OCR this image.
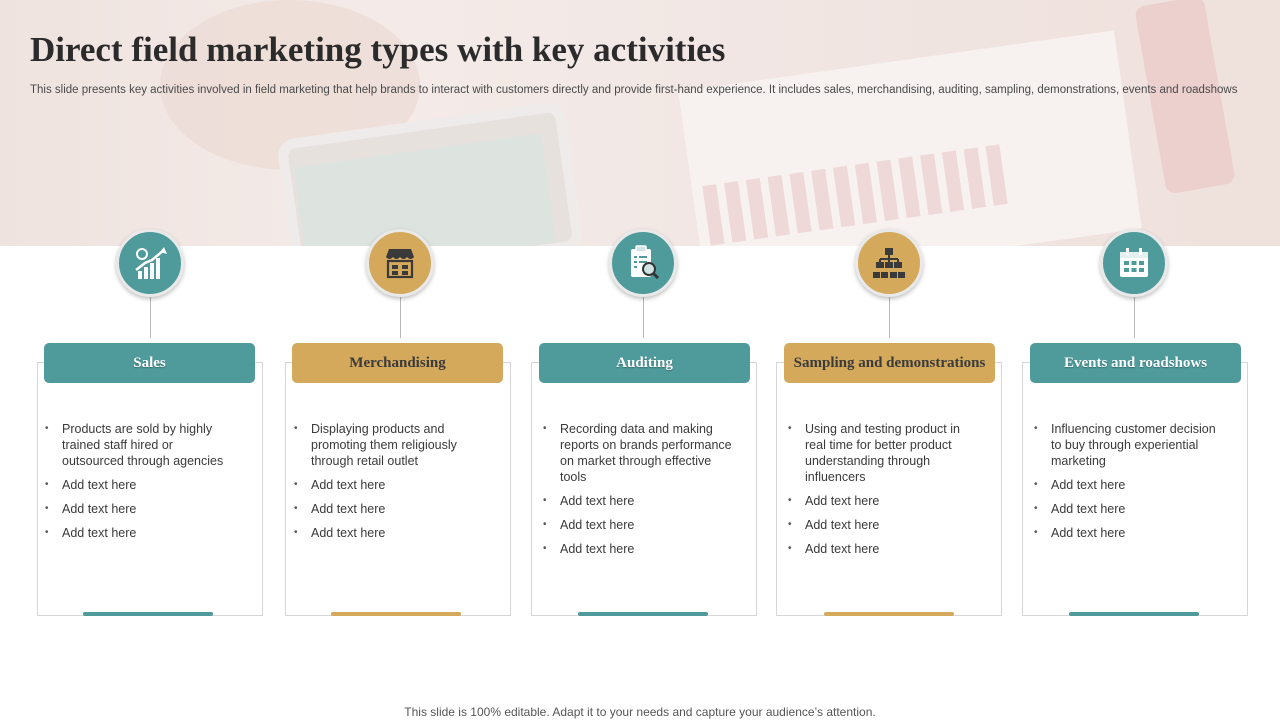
Direct field marketing types with key activities

This slide presents key activities involved in field marketing that help brands to interact with customers directly and provide first-hand experience. It includes sales, merchandising, auditing, sampling, demonstrations, events and roadshows

Sales
• Products are sold by highly trained staff hired or outsourced through agencies
• Add text here
• Add text here
• Add text here
Merchandising
• Displaying products and promoting them religiously through retail outlet
• Add text here
• Add text here
• Add text here
Auditing
• Recording data and making reports on brands performance on market through effective tools
• Add text here
• Add text here
• Add text here
Sampling and demonstrations
• Using and testing product in real time for better product understanding through influencers
• Add text here
• Add text here
• Add text here
Events and roadshows
• Influencing customer decision to buy through experiential marketing
• Add text here
• Add text here
• Add text here
This slide is 100% editable. Adapt it to your needs and capture your audience’s attention.
